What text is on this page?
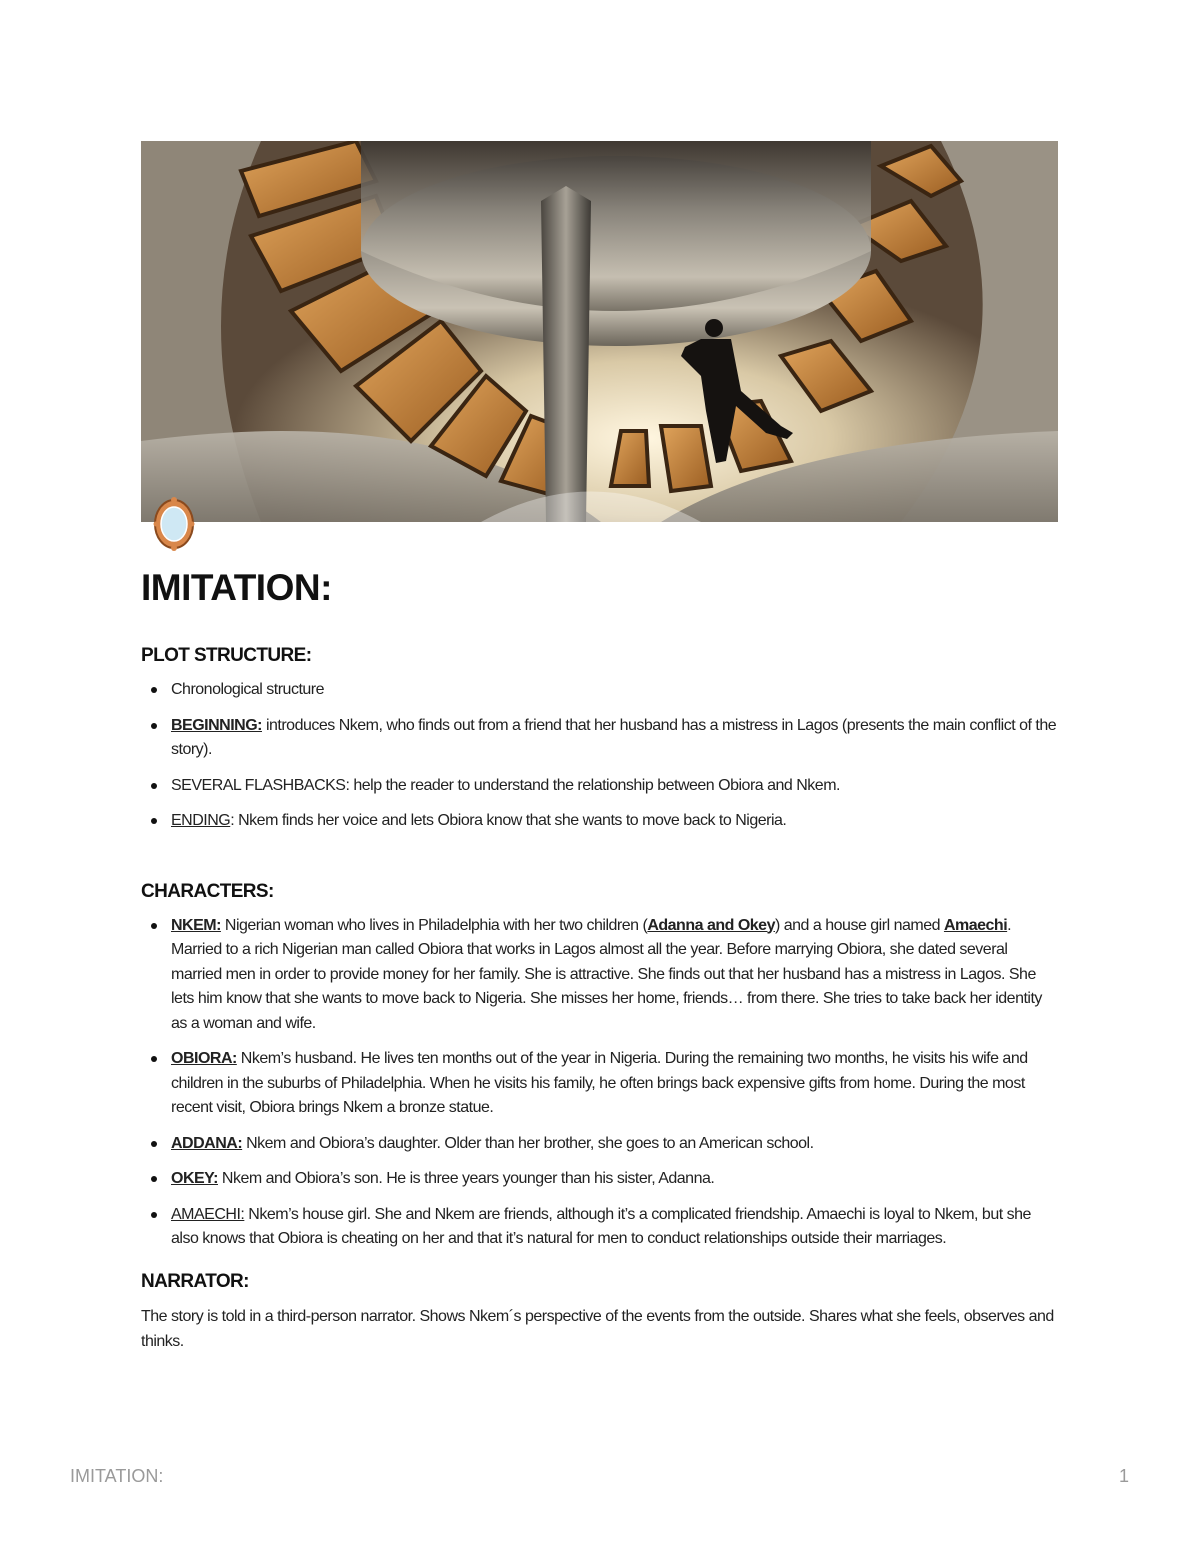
IMITATION:
PLOT STRUCTURE:
Chronological structure
BEGINNING: introduces Nkem, who finds out from a friend that her husband has a mistress in Lagos (presents the main conflict of the story).
SEVERAL FLASHBACKS: help the reader to understand the relationship between Obiora and Nkem.
ENDING: Nkem finds her voice and lets Obiora know that she wants to move back to Nigeria.
CHARACTERS:
NKEM: Nigerian woman who lives in Philadelphia with her two children (Adanna and Okey) and a house girl named Amaechi. Married to a rich Nigerian man called Obiora that works in Lagos almost all the year. Before marrying Obiora, she dated several married men in order to provide money for her family. She is attractive. She finds out that her husband has a mistress in Lagos. She lets him know that she wants to move back to Nigeria. She misses her home, friends… from there. She tries to take back her identity as a woman and wife.
OBIORA: Nkem’s husband. He lives ten months out of the year in Nigeria. During the remaining two months, he visits his wife and children in the suburbs of Philadelphia. When he visits his family, he often brings back expensive gifts from home. During the most recent visit, Obiora brings Nkem a bronze statue.
ADDANA: Nkem and Obiora’s daughter. Older than her brother, she goes to an American school.
OKEY: Nkem and Obiora’s son. He is three years younger than his sister, Adanna.
AMAECHI: Nkem’s house girl. She and Nkem are friends, although it’s a complicated friendship. Amaechi is loyal to Nkem, but she also knows that Obiora is cheating on her and that it’s natural for men to conduct relationships outside their marriages.
NARRATOR:

The story is told in a third-person narrator. Shows Nkem´s perspective of the events from the outside. Shares what she feels, observes and thinks.

IMITATION:	1
